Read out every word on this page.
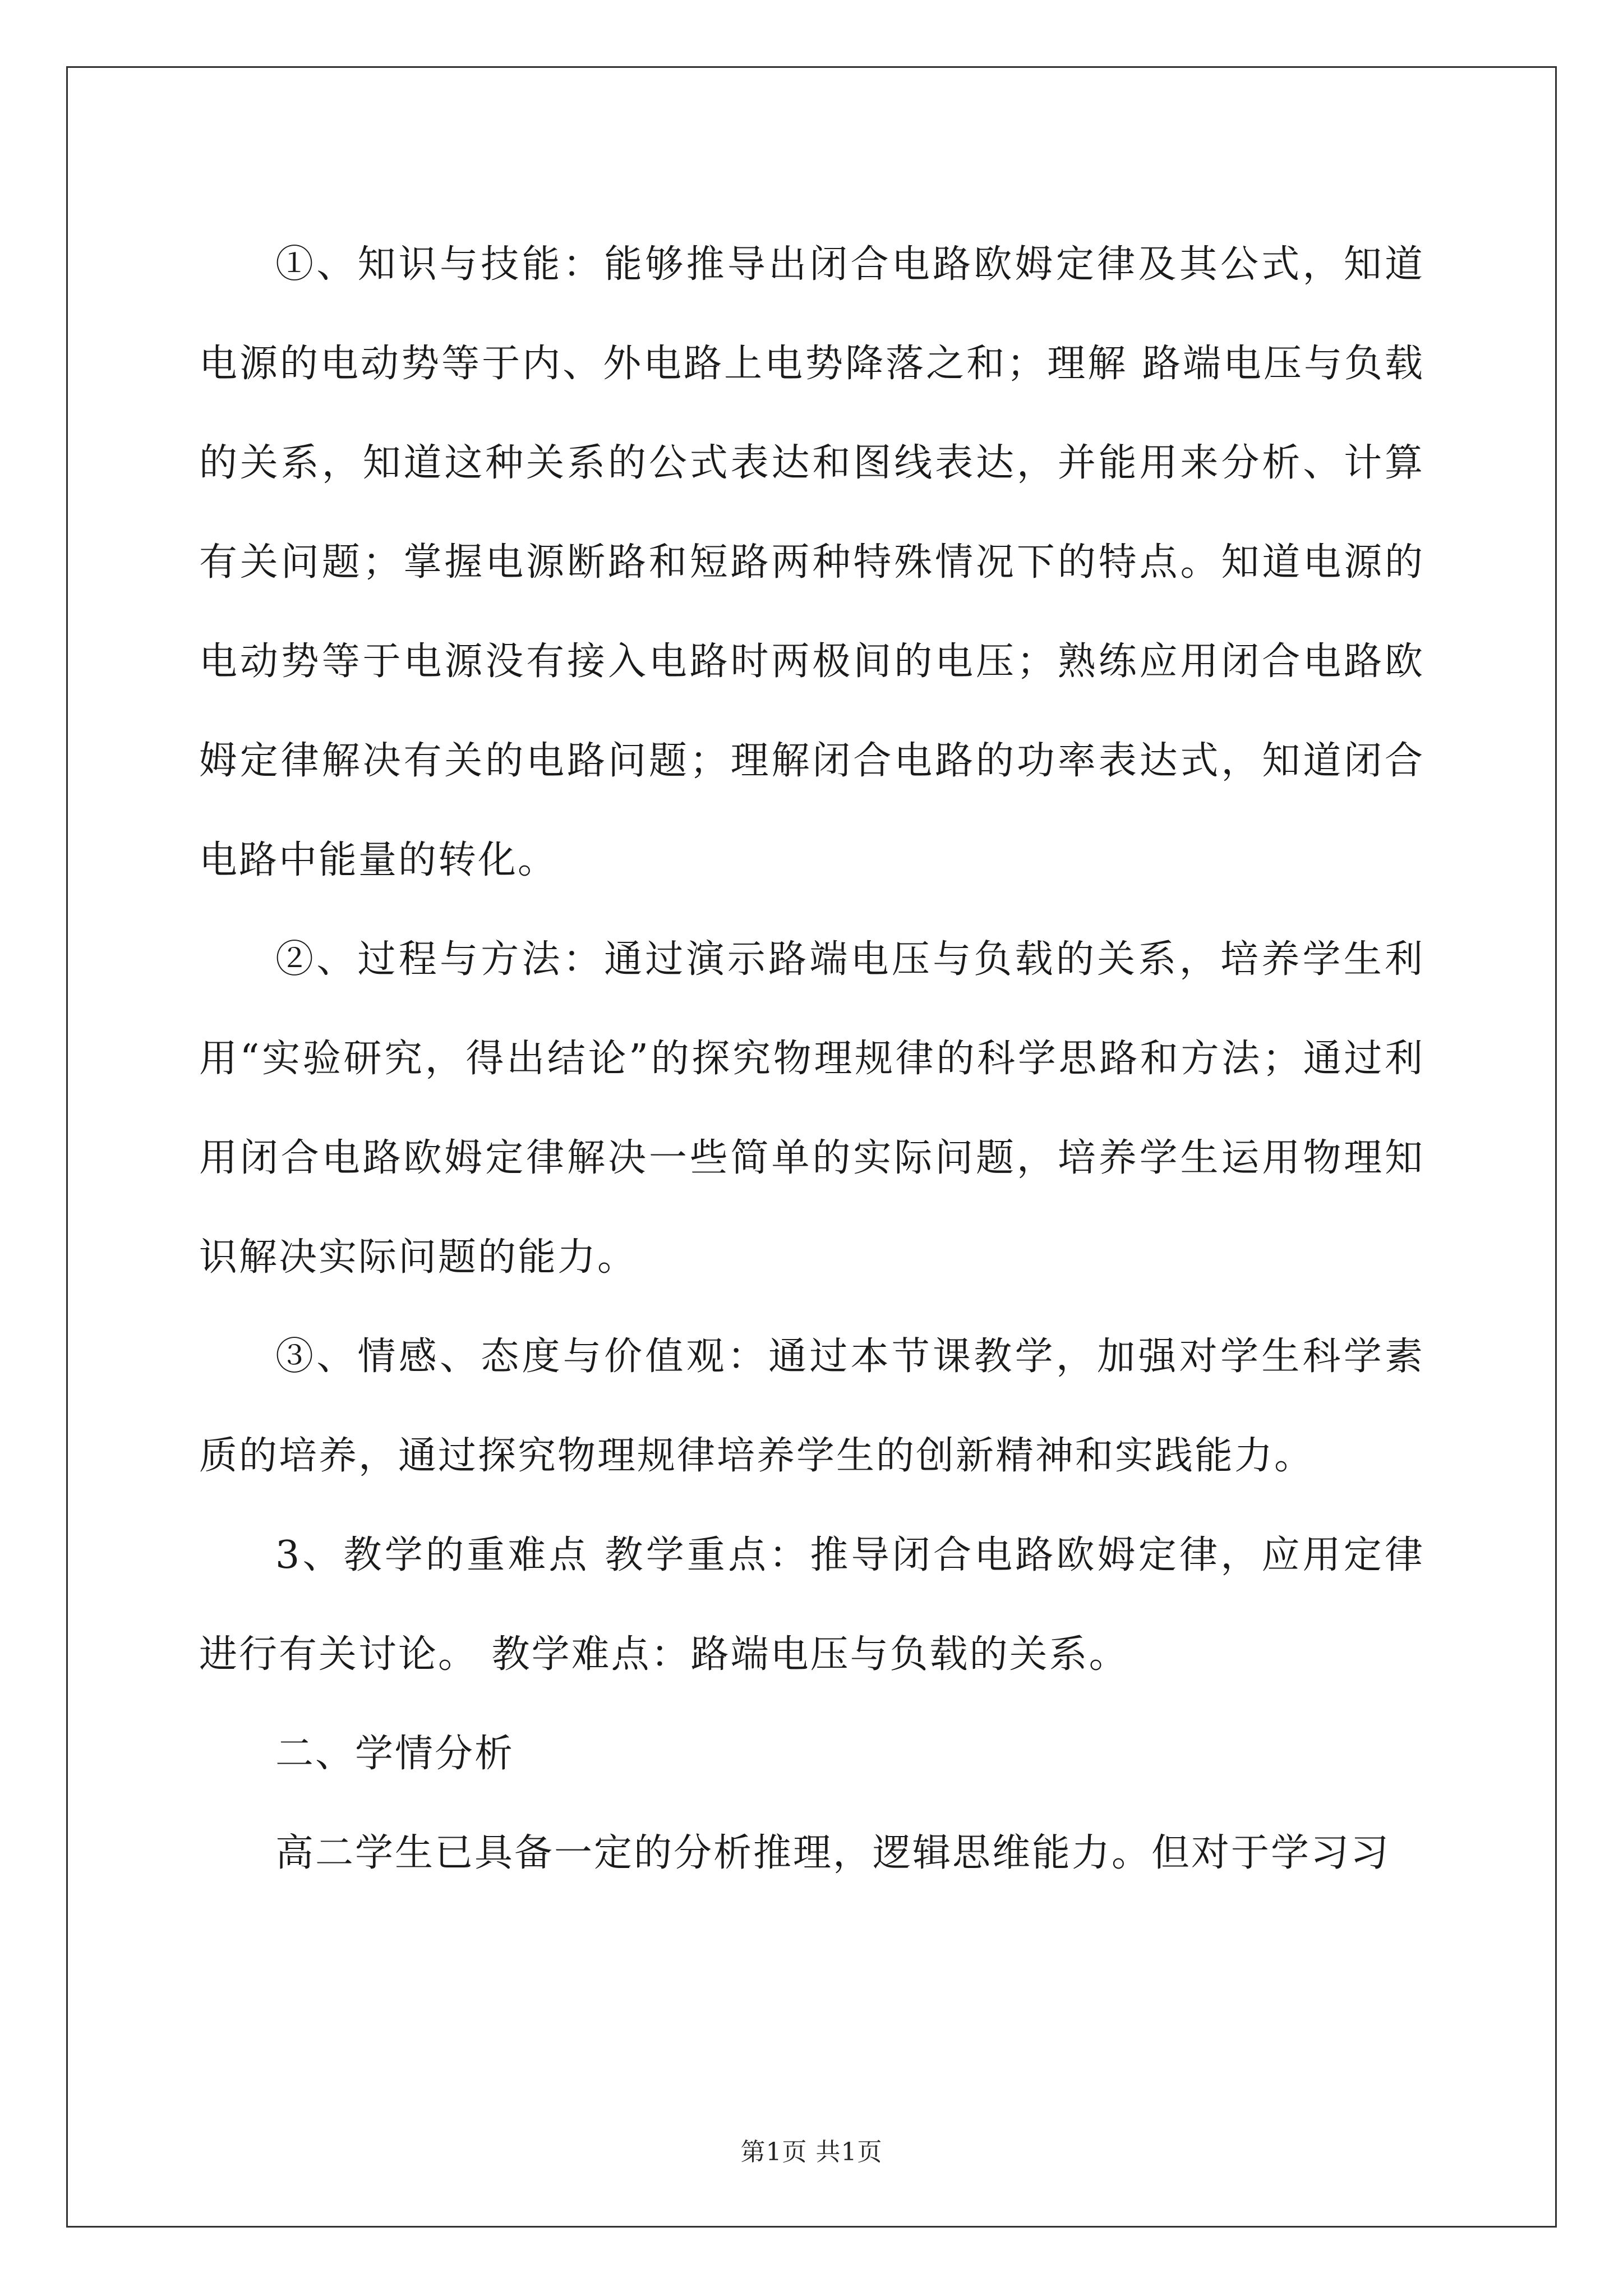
①、知识与技能：能够推导出闭合电路欧姆定律及其公式，知道电源的电动势等于内、外电路上电势降落之和；理解 路端电压与负载的关系，知道这种关系的公式表达和图线表达，并能用来分析、计算有关问题；掌握电源断路和短路两种特殊情况下的特点。知道电源的电动势等于电源没有接入电路时两极间的电压；熟练应用闭合电路欧姆定律解决有关的电路问题；理解闭合电路的功率表达式，知道闭合电路中能量的转化。

②、过程与方法：通过演示路端电压与负载的关系，培养学生利用“实验研究，得出结论”的探究物理规律的科学思路和方法；通过利用闭合电路欧姆定律解决一些简单的实际问题，培养学生运用物理知识解决实际问题的能力。

③、情感、态度与价值观：通过本节课教学，加强对学生科学素质的培养，通过探究物理规律培养学生的创新精神和实践能力。

3、教学的重难点 教学重点：推导闭合电路欧姆定律，应用定律进行有关讨论。 教学难点：路端电压与负载的关系。

二、学情分析

高二学生已具备一定的分析推理，逻辑思维能力。但对于学习习

第1页 共1页
